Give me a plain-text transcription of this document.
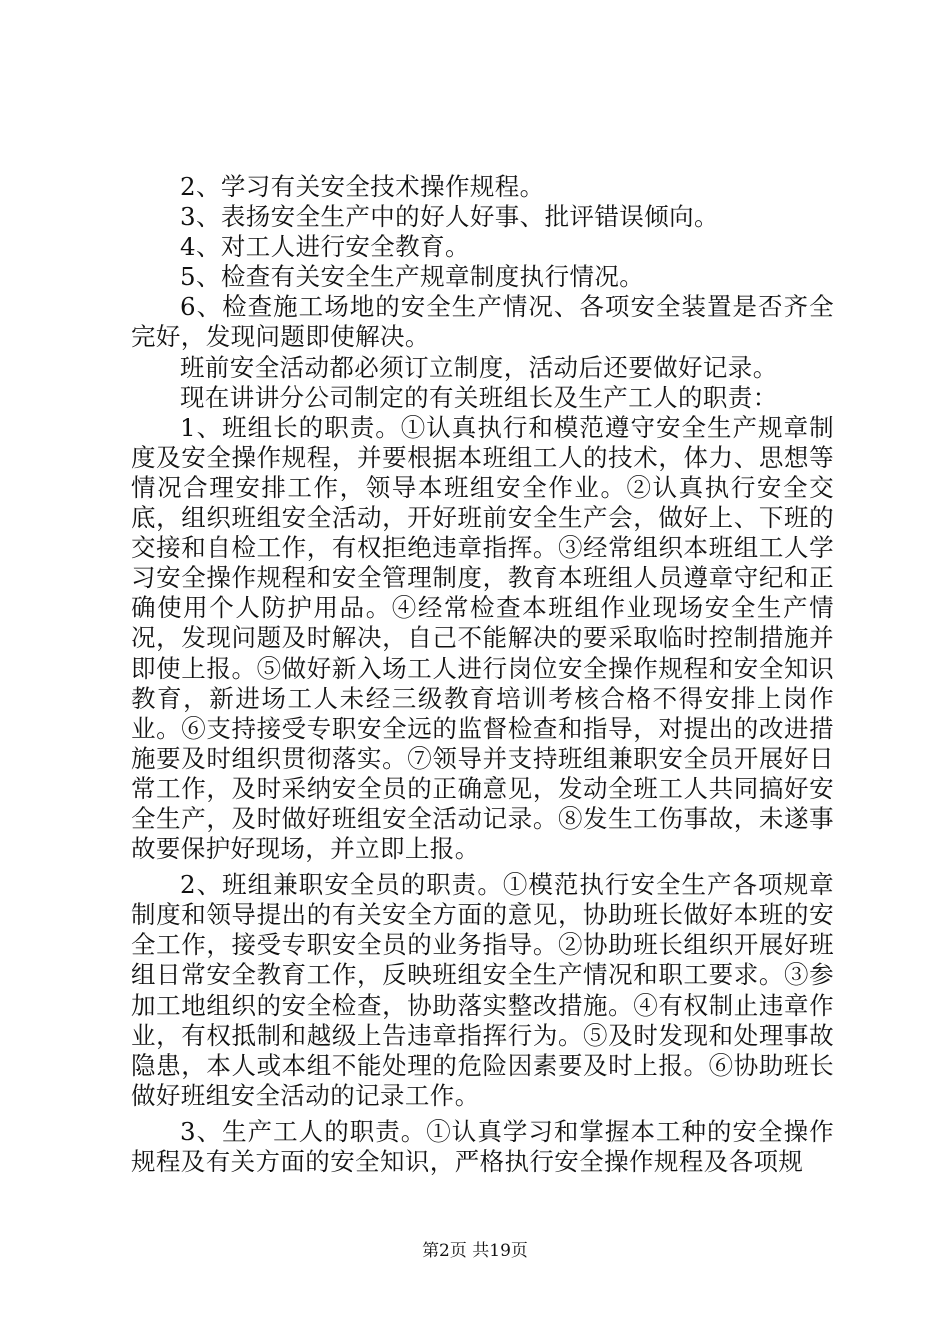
2、学习有关安全技术操作规程。

3、表扬安全生产中的好人好事、批评错误倾向。

4、对工人进行安全教育。

5、检查有关安全生产规章制度执行情况。

6、检查施工场地的安全生产情况、各项安全装置是否齐全完好，发现问题即使解决。

班前安全活动都必须订立制度，活动后还要做好记录。

现在讲讲分公司制定的有关班组长及生产工人的职责：

1、班组长的职责。①认真执行和模范遵守安全生产规章制度及安全操作规程，并要根据本班组工人的技术，体力、思想等情况合理安排工作，领导本班组安全作业。②认真执行安全交底，组织班组安全活动，开好班前安全生产会，做好上、下班的交接和自检工作，有权拒绝违章指挥。③经常组织本班组工人学习安全操作规程和安全管理制度，教育本班组人员遵章守纪和正确使用个人防护用品。④经常检查本班组作业现场安全生产情况，发现问题及时解决，自己不能解决的要采取临时控制措施并即使上报。⑤做好新入场工人进行岗位安全操作规程和安全知识教育，新进场工人未经三级教育培训考核合格不得安排上岗作业。⑥支持接受专职安全远的监督检查和指导，对提出的改进措施要及时组织贯彻落实。⑦领导并支持班组兼职安全员开展好日常工作，及时采纳安全员的正确意见，发动全班工人共同搞好安全生产，及时做好班组安全活动记录。⑧发生工伤事故，未遂事故要保护好现场，并立即上报。

2、班组兼职安全员的职责。①模范执行安全生产各项规章制度和领导提出的有关安全方面的意见，协助班长做好本班的安全工作，接受专职安全员的业务指导。②协助班长组织开展好班组日常安全教育工作，反映班组安全生产情况和职工要求。③参加工地组织的安全检查，协助落实整改措施。④有权制止违章作业，有权抵制和越级上告违章指挥行为。⑤及时发现和处理事故隐患，本人或本组不能处理的危险因素要及时上报。⑥协助班长做好班组安全活动的记录工作。

3、生产工人的职责。①认真学习和掌握本工种的安全操作规程及有关方面的安全知识，严格执行安全操作规程及各项规

第2页 共19页
